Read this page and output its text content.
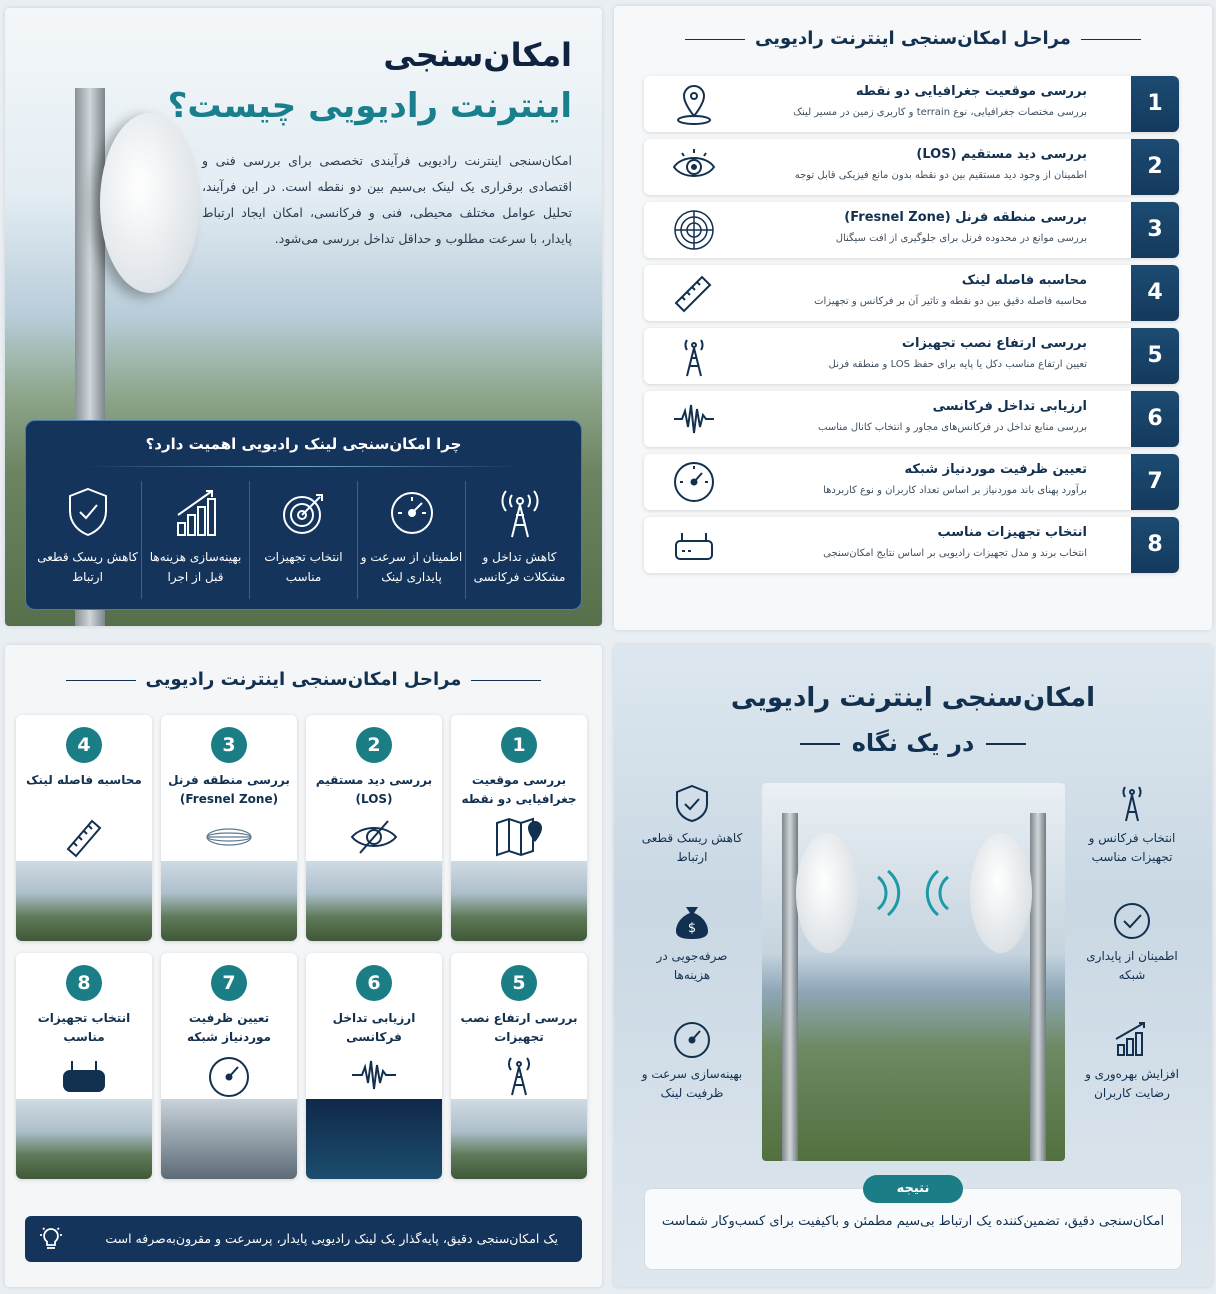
امکان‌سنجی
اینترنت رادیویی چیست؟
امکان‌سنجی اینترنت رادیویی فرآیندی تخصصی برای بررسی فنی و اقتصادی برقراری یک لینک بی‌سیم بین دو نقطه است. در این فرآیند، تحلیل عوامل مختلف محیطی، فنی و فرکانسی، امکان ایجاد ارتباط پایدار، با سرعت مطلوب و حداقل تداخل بررسی می‌شود.
چرا امکان‌سنجی لینک رادیویی اهمیت دارد؟
کاهش تداخل و مشکلات فرکانسی
اطمینان از سرعت و پایداری لینک
انتخاب تجهیزات مناسب
بهینه‌سازی هزینه‌ها قبل از اجرا
کاهش ریسک قطعی ارتباط
مراحل امکان‌سنجی اینترنت رادیویی
1
بررسی موقعیت جغرافیایی دو نقطه
بررسی مختصات جغرافیایی، نوع terrain و کاربری زمین در مسیر لینک
2
بررسی دید مستقیم (LOS)
اطمینان از وجود دید مستقیم بین دو نقطه بدون مانع فیزیکی قابل توجه
3
بررسی منطقه فرنل (Fresnel Zone)
بررسی موانع در محدوده فرنل برای جلوگیری از افت سیگنال
4
محاسبه فاصله لینک
محاسبه فاصله دقیق بین دو نقطه و تاثیر آن بر فرکانس و تجهیزات
5
بررسی ارتفاع نصب تجهیزات
تعیین ارتفاع مناسب دکل یا پایه برای حفظ LOS و منطقه فرنل
6
ارزیابی تداخل فرکانسی
بررسی منابع تداخل در فرکانس‌های مجاور و انتخاب کانال مناسب
7
تعیین ظرفیت موردنیاز شبکه
برآورد پهنای باند موردنیاز بر اساس تعداد کاربران و نوع کاربردها
8
انتخاب تجهیزات مناسب
انتخاب برند و مدل تجهیزات رادیویی بر اساس نتایج امکان‌سنجی
مراحل امکان‌سنجی اینترنت رادیویی
1
بررسی موقعیت جغرافیایی دو نقطه
2
بررسی دید مستقیم (LOS)
3
بررسی منطقه فرنل (Fresnel Zone)
4
محاسبه فاصله لینک
5
بررسی ارتفاع نصب تجهیزات
6
ارزیابی تداخل فرکانسی
7
تعیین ظرفیت موردنیاز شبکه
8
انتخاب تجهیزات مناسب
یک امکان‌سنجی دقیق، پایه‌گذار یک لینک رادیویی پایدار، پرسرعت و مقرون‌به‌صرفه است
امکان‌سنجی اینترنت رادیویی
در یک نگاه
کاهش ریسک قطعی ارتباط
$
صرفه‌جویی در هزینه‌ها
بهینه‌سازی سرعت و ظرفیت لینک
انتخاب فرکانس و تجهیزات مناسب
اطمینان از پایداری شبکه
افزایش بهره‌وری و رضایت کاربران
نتیجه
امکان‌سنجی دقیق، تضمین‌کننده یک ارتباط بی‌سیم مطمئن و باکیفیت برای کسب‌وکار شماست
